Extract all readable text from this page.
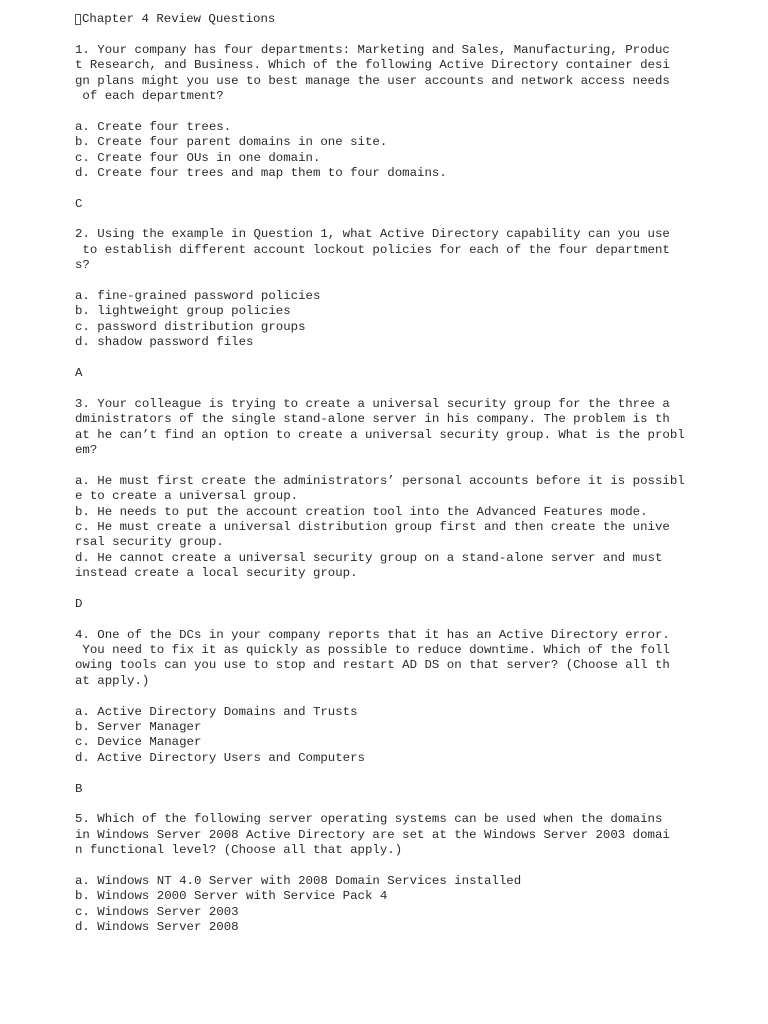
Chapter 4 Review Questions
1. Your company has four departments: Marketing and Sales, Manufacturing, Produc
t Research, and Business. Which of the following Active Directory container desi
gn plans might you use to best manage the user accounts and network access needs
of each department?
a. Create four trees.
b. Create four parent domains in one site.
c. Create four OUs in one domain.
d. Create four trees and map them to four domains.
C
2. Using the example in Question 1, what Active Directory capability can you use
to establish different account lockout policies for each of the four department
s?
a. fine-grained password policies
b. lightweight group policies
c. password distribution groups
d. shadow password files
A
3. Your colleague is trying to create a universal security group for the three a
dministrators of the single stand-alone server in his company. The problem is th
at he can’t find an option to create a universal security group. What is the probl
em?
a. He must first create the administrators’ personal accounts before it is possibl
e to create a universal group.
b. He needs to put the account creation tool into the Advanced Features mode.
c. He must create a universal distribution group first and then create the unive
rsal security group.
d. He cannot create a universal security group on a stand-alone server and must
instead create a local security group.
D
4. One of the DCs in your company reports that it has an Active Directory error.
You need to fix it as quickly as possible to reduce downtime. Which of the foll
owing tools can you use to stop and restart AD DS on that server? (Choose all th
at apply.)
a. Active Directory Domains and Trusts
b. Server Manager
c. Device Manager
d. Active Directory Users and Computers
B
5. Which of the following server operating systems can be used when the domains
in Windows Server 2008 Active Directory are set at the Windows Server 2003 domai
n functional level? (Choose all that apply.)
a. Windows NT 4.0 Server with 2008 Domain Services installed
b. Windows 2000 Server with Service Pack 4
c. Windows Server 2003
d. Windows Server 2008
